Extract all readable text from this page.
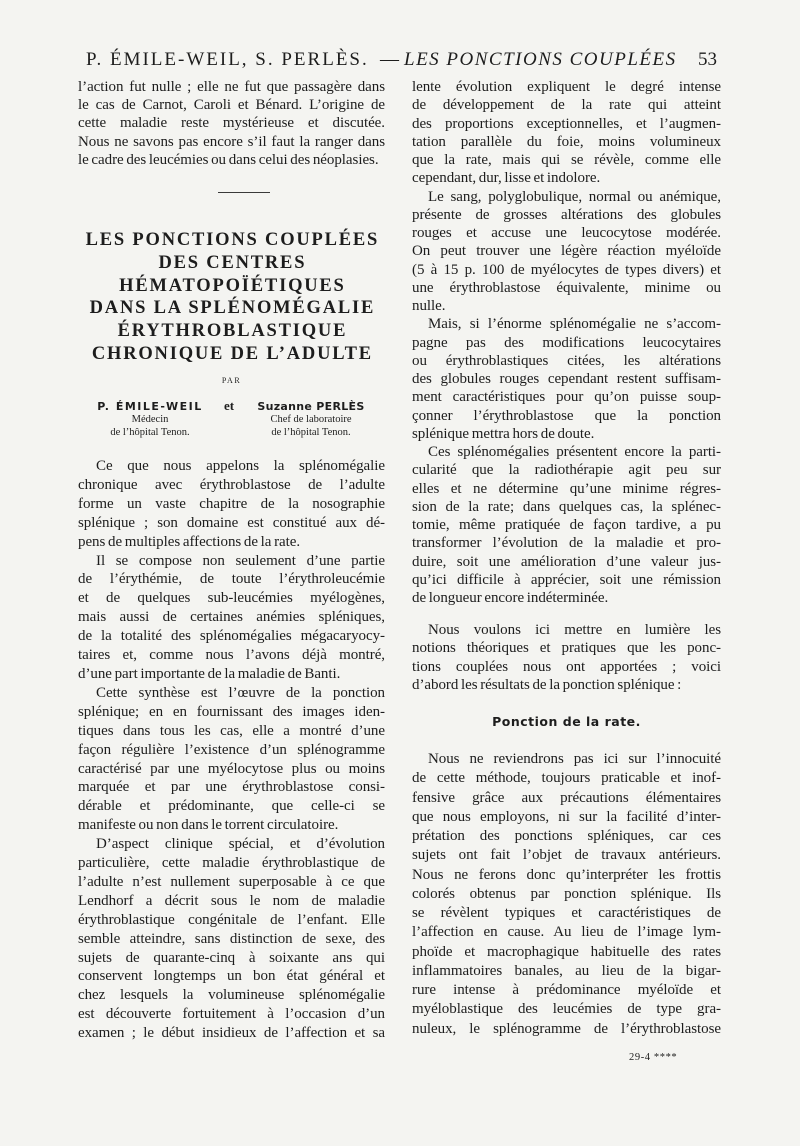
P. ÉMILE-WEIL, S. PERLÈS. — LES PONCTIONS COUPLÉES 53
l’action fut nulle ; elle ne fut que passagère dans
le cas de Carnot, Caroli et Bénard. L’origine de
cette maladie reste mystérieuse et discutée.
Nous ne savons pas encore s’il faut la ranger dans
le cadre des leucémies ou dans celui des néoplasies.
LES PONCTIONS COUPLÉES
DES CENTRES
HÉMATOPOÏÉTIQUES
DANS LA SPLÉNOMÉGALIE
ÉRYTHROBLASTIQUE
CHRONIQUE DE L’ADULTE
PAR
P. ÉMILE-WEIL
Médecin
de l’hôpital Tenon.
et	Suzanne PERLÈS
Chef de laboratoire
de l’hôpital Tenon.
Ce que nous appelons la splénomégalie
chronique avec érythroblastose de l’adulte
forme un vaste chapitre de la nosographie
splénique ; son domaine est constitué aux dé-
pens de multiples affections de la rate.
Il se compose non seulement d’une partie
de l’érythémie, de toute l’érythroleucémie
et de quelques sub-leucémies myélogènes,
mais aussi de certaines anémies spléniques,
de la totalité des splénomégalies mégacaryocy-
taires et, comme nous l’avons déjà montré,
d’une part importante de la maladie de Banti.
Cette synthèse est l’œuvre de la ponction
splénique; en en fournissant des images iden-
tiques dans tous les cas, elle a montré d’une
façon régulière l’existence d’un splénogramme
caractérisé par une myélocytose plus ou moins
marquée et par une érythroblastose consi-
dérable et prédominante, que celle-ci se
manifeste ou non dans le torrent circulatoire.
D’aspect clinique spécial, et d’évolution
particulière, cette maladie érythroblastique de
l’adulte n’est nullement superposable à ce que
Lendhorf a décrit sous le nom de maladie
érythroblastique congénitale de l’enfant. Elle
semble atteindre, sans distinction de sexe, des
sujets de quarante-cinq à soixante ans qui
conservent longtemps un bon état général et
chez lesquels la volumineuse splénomégalie
est découverte fortuitement à l’occasion d’un
examen ; le début insidieux de l’affection et sa
lente évolution expliquent le degré intense
de développement de la rate qui atteint
des proportions exceptionnelles, et l’augmen-
tation parallèle du foie, moins volumineux
que la rate, mais qui se révèle, comme elle
cependant, dur, lisse et indolore.
Le sang, polyglobulique, normal ou anémique,
présente de grosses altérations des globules
rouges et accuse une leucocytose modérée.
On peut trouver une légère réaction myéloïde
(5 à 15 p. 100 de myélocytes de types divers) et
une érythroblastose équivalente, minime ou
nulle.
Mais, si l’énorme splénomégalie ne s’accom-
pagne pas des modifications leucocytaires
ou érythroblastiques citées, les altérations
des globules rouges cependant restent suffisam-
ment caractéristiques pour qu’on puisse soup-
çonner l’érythroblastose que la ponction
splénique mettra hors de doute.
Ces splénomégalies présentent encore la parti-
cularité que la radiothérapie agit peu sur
elles et ne détermine qu’une minime régres-
sion de la rate; dans quelques cas, la splénec-
tomie, même pratiquée de façon tardive, a pu
transformer l’évolution de la maladie et pro-
duire, soit une amélioration d’une valeur jus-
qu’ici difficile à apprécier, soit une rémission
de longueur encore indéterminée.
Nous voulons ici mettre en lumière les
notions théoriques et pratiques que les ponc-
tions couplées nous ont apportées ; voici
d’abord les résultats de la ponction splénique :
Ponction de la rate.
Nous ne reviendrons pas ici sur l’innocuité
de cette méthode, toujours praticable et inof-
fensive grâce aux précautions élémentaires
que nous employons, ni sur la facilité d’inter-
prétation des ponctions spléniques, car ces
sujets ont fait l’objet de travaux antérieurs.
Nous ne ferons donc qu’interpréter les frottis
colorés obtenus par ponction splénique. Ils
se révèlent typiques et caractéristiques de
l’affection en cause. Au lieu de l’image lym-
phoïde et macrophagique habituelle des rates
inflammatoires banales, au lieu de la bigar-
rure intense à prédominance myéloïde et
myéloblastique des leucémies de type gra-
nuleux, le splénogramme de l’érythroblastose
29-4 ****
